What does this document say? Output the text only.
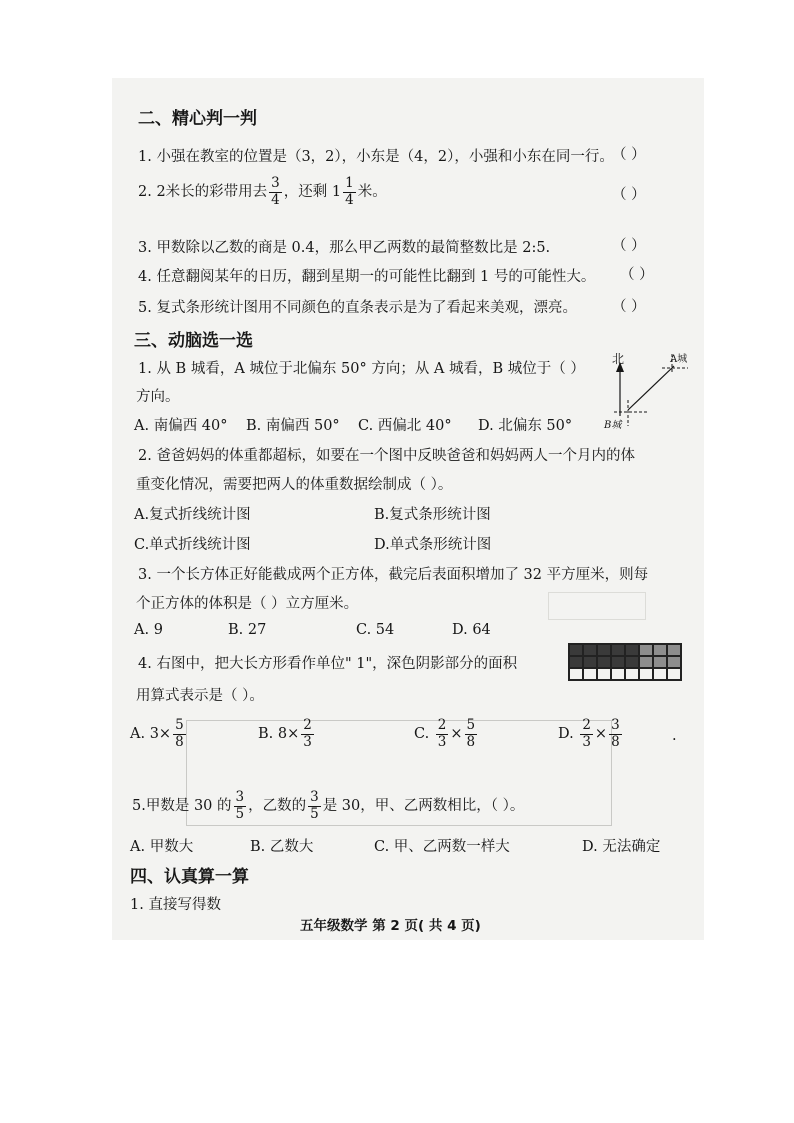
二、精心判一判
1. 小强在教室的位置是（3，2），小东是（4，2），小强和小东在同一行。
（ ）
2. 2米长的彩带用去 $\frac{3}{4}$ ，还剩 $1 \frac{1}{4}$ 米。	（ ）
3. 甲数除以乙数的商是 0.4，那么甲乙两数的最简整数比是 2:5.	（ ）
4. 任意翻阅某年的日历，翻到星期一的可能性比翻到 1 号的可能性大。 （ ）
5. 复式条形统计图用不同颜色的直条表示是为了看起来美观，漂亮。 （ ）
三、动脑选一选
1. 从 B 城看，A 城位于北偏东 50° 方向；从 A 城看，B 城位于（ ）
方向。
A. 南偏西 40° B. 南偏西 50° C. 西偏北 40° D. 北偏东 50°
北	A城
B城
2. 爸爸妈妈的体重都超标，如要在一个图中反映爸爸和妈妈两人一个月内的体
重变化情况，需要把两人的体重数据绘制成（ ）。
A.复式折线统计图	B.复式条形统计图
C.单式折线统计图	D.单式条形统计图
3. 一个长方体正好能截成两个正方体，截完后表面积增加了 32 平方厘米，则每
个正方体的体积是（ ）立方厘米。
A. 9	B. 27	C. 54	D. 64
4. 右图中，把大长方形看作单位" 1"，深色阴影部分的面积
用算式表示是（ ）。
A. $3\times \frac{5}{8}$	B. $8\times \frac{2}{3}$	C. $\frac{2}{3} \times \frac{5}{8}$	D. $\frac{2}{3} \times \frac{3}{8}$	.
5.甲数是 30 的 $\frac{3}{5}$ ，乙数的 $\frac{3}{5}$ 是 30，甲、乙两数相比，（ ）。
A. 甲数大	B. 乙数大	C. 甲、乙两数一样大	D. 无法确定
四、认真算一算
1. 直接写得数
五年级数学 第 2 页( 共 4 页)
